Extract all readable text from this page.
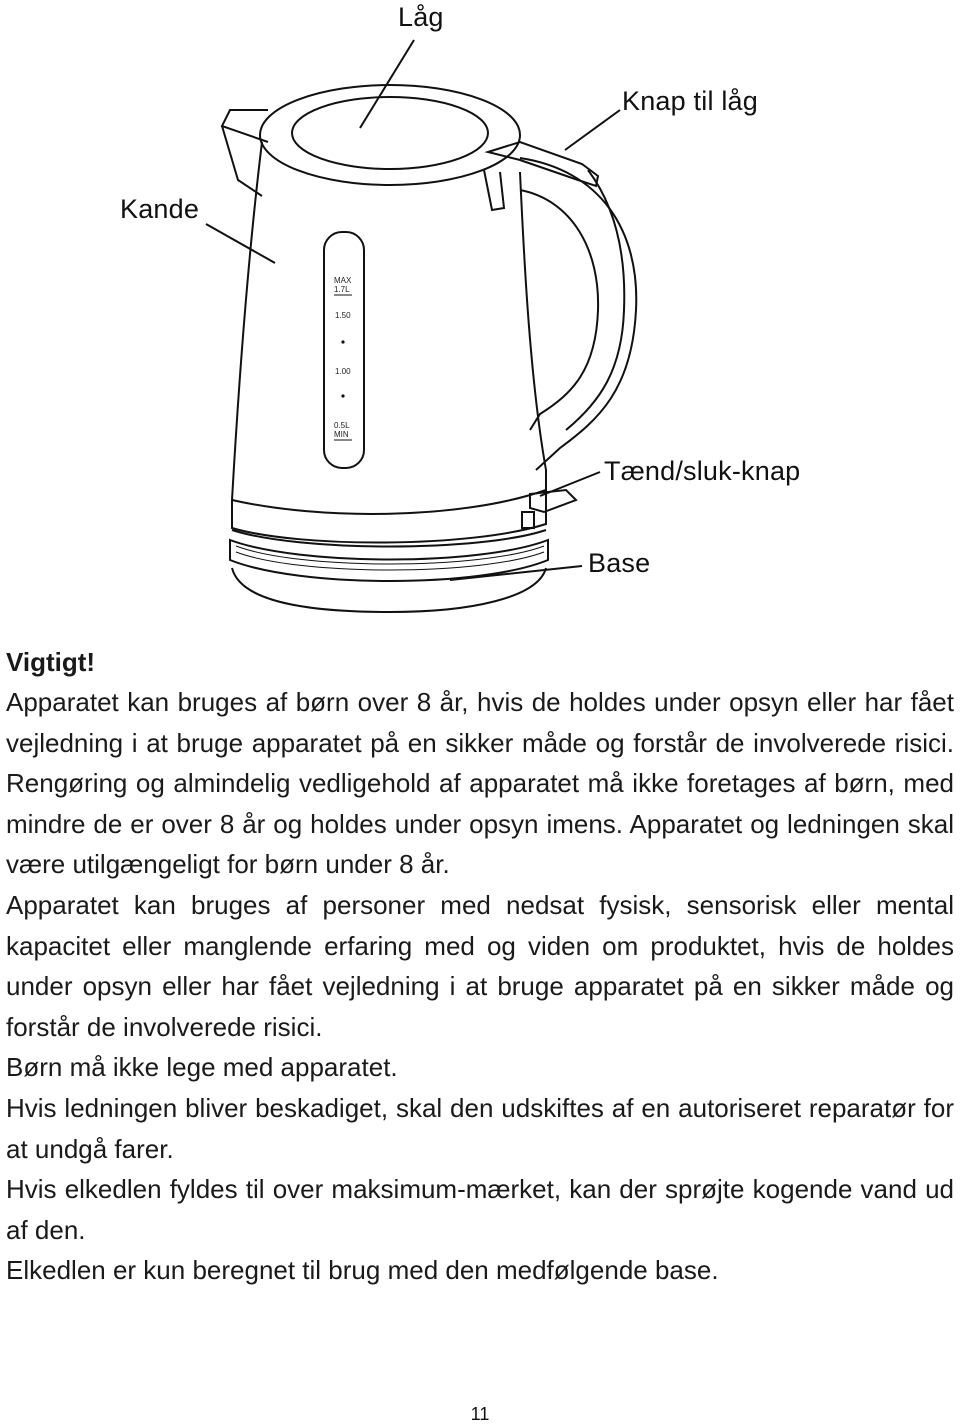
MAX
1.7L
1.50
1.00
0.5L
MIN
Låg
Knap til låg
Kande
Tænd/sluk-knap
Base

Vigtigt!

Apparatet kan bruges af børn over 8 år, hvis de holdes under opsyn eller har fået vejledning i at bruge apparatet på en sikker måde og forstår de involverede risici. Rengøring og almindelig vedligehold af apparatet må ikke foretages af børn, med mindre de er over 8 år og holdes under opsyn imens. Apparatet og ledningen skal være utilgængeligt for børn under 8 år.

Apparatet kan bruges af personer med nedsat fysisk, sensorisk eller mental kapacitet eller manglende erfaring med og viden om produktet, hvis de holdes under opsyn eller har fået vejledning i at bruge apparatet på en sikker måde og forstår de involverede risici.

Børn må ikke lege med apparatet.

Hvis ledningen bliver beskadiget, skal den udskiftes af en autoriseret reparatør for at undgå farer.

Hvis elkedlen fyldes til over maksimum-mærket, kan der sprøjte kogende vand ud af den.

Elkedlen er kun beregnet til brug med den medfølgende base.

11
